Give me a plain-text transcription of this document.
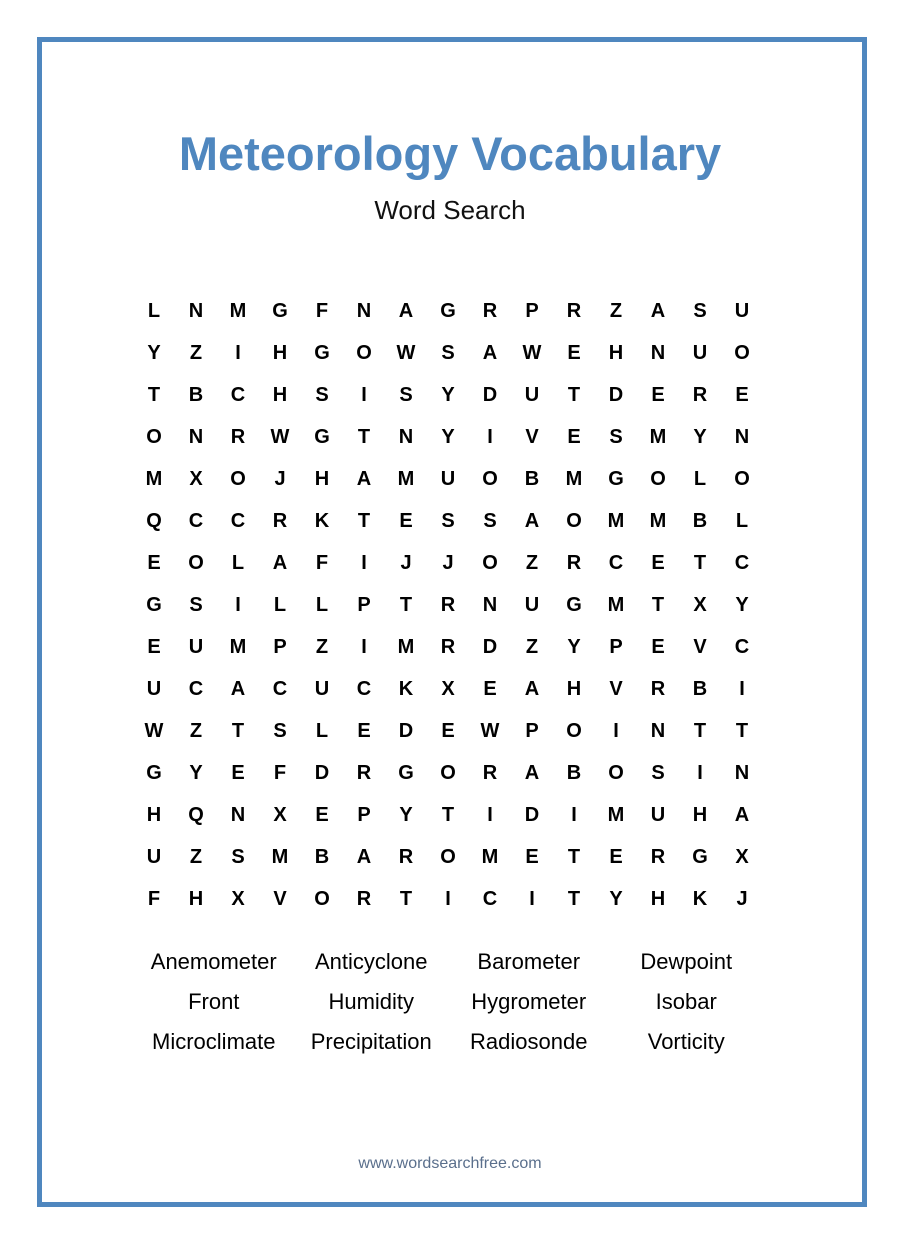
Meteorology Vocabulary
Word Search
L	N	M	G	F	N	A	G	R	P	R	Z	A	S	U
Y	Z	I	H	G	O	W	S	A	W	E	H	N	U	O
T	B	C	H	S	I	S	Y	D	U	T	D	E	R	E
O	N	R	W	G	T	N	Y	I	V	E	S	M	Y	N
M	X	O	J	H	A	M	U	O	B	M	G	O	L	O
Q	C	C	R	K	T	E	S	S	A	O	M	M	B	L
E	O	L	A	F	I	J	J	O	Z	R	C	E	T	C
G	S	I	L	L	P	T	R	N	U	G	M	T	X	Y
E	U	M	P	Z	I	M	R	D	Z	Y	P	E	V	C
U	C	A	C	U	C	K	X	E	A	H	V	R	B	I
W	Z	T	S	L	E	D	E	W	P	O	I	N	T	T
G	Y	E	F	D	R	G	O	R	A	B	O	S	I	N
H	Q	N	X	E	P	Y	T	I	D	I	M	U	H	A
U	Z	S	M	B	A	R	O	M	E	T	E	R	G	X
F	H	X	V	O	R	T	I	C	I	T	Y	H	K	J
Anemometer	Anticyclone	Barometer	Dewpoint
Front	Humidity	Hygrometer	Isobar
Microclimate	Precipitation	Radiosonde	Vorticity
www.wordsearchfree.com
